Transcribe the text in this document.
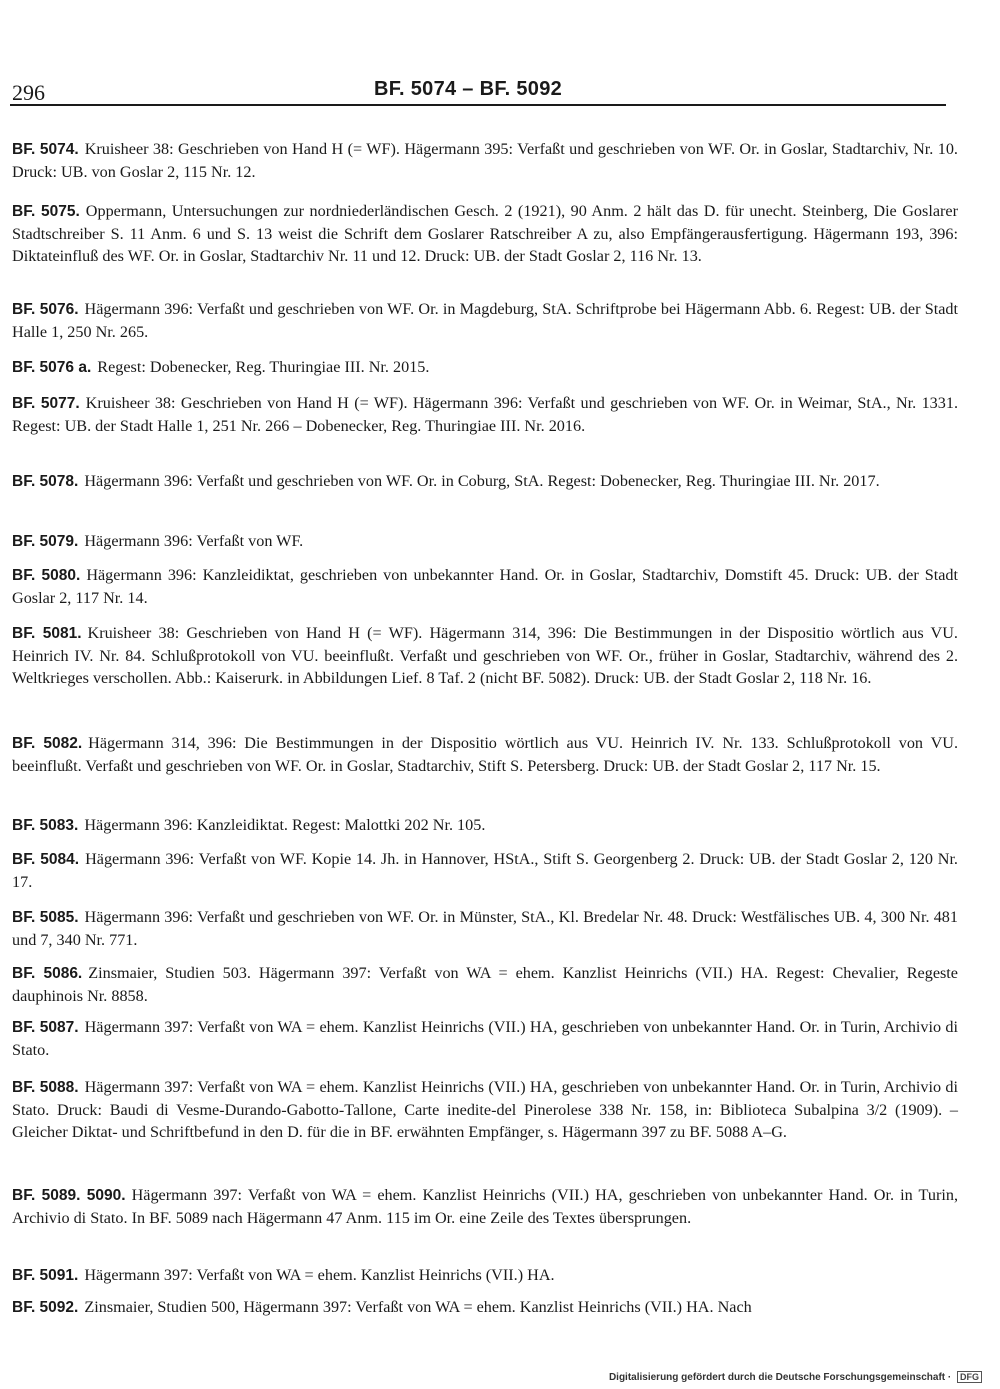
296	BF. 5074 – BF. 5092
BF. 5074. Kruisheer 38: Geschrieben von Hand H (= WF). Hägermann 395: Verfaßt und geschrieben von WF. Or. in Goslar, Stadtarchiv, Nr. 10. Druck: UB. von Goslar 2, 115 Nr. 12.
BF. 5075. Oppermann, Untersuchungen zur nordniederländischen Gesch. 2 (1921), 90 Anm. 2 hält das D. für unecht. Steinberg, Die Goslarer Stadtschreiber S. 11 Anm. 6 und S. 13 weist die Schrift dem Goslarer Ratschreiber A zu, also Empfängerausfertigung. Hägermann 193, 396: Diktateinfluß des WF. Or. in Goslar, Stadtarchiv Nr. 11 und 12. Druck: UB. der Stadt Goslar 2, 116 Nr. 13.
BF. 5076. Hägermann 396: Verfaßt und geschrieben von WF. Or. in Magdeburg, StA. Schriftprobe bei Hägermann Abb. 6. Regest: UB. der Stadt Halle 1, 250 Nr. 265.
BF. 5076 a. Regest: Dobenecker, Reg. Thuringiae III. Nr. 2015.
BF. 5077. Kruisheer 38: Geschrieben von Hand H (= WF). Hägermann 396: Verfaßt und geschrieben von WF. Or. in Weimar, StA., Nr. 1331. Regest: UB. der Stadt Halle 1, 251 Nr. 266 – Dobenecker, Reg. Thuringiae III. Nr. 2016.
BF. 5078. Hägermann 396: Verfaßt und geschrieben von WF. Or. in Coburg, StA. Regest: Dobenecker, Reg. Thuringiae III. Nr. 2017.
BF. 5079. Hägermann 396: Verfaßt von WF.
BF. 5080. Hägermann 396: Kanzleidiktat, geschrieben von unbekannter Hand. Or. in Goslar, Stadtarchiv, Domstift 45. Druck: UB. der Stadt Goslar 2, 117 Nr. 14.
BF. 5081. Kruisheer 38: Geschrieben von Hand H (= WF). Hägermann 314, 396: Die Bestimmungen in der Dispositio wörtlich aus VU. Heinrich IV. Nr. 84. Schlußprotokoll von VU. beeinflußt. Verfaßt und geschrieben von WF. Or., früher in Goslar, Stadtarchiv, während des 2. Weltkrieges verschollen. Abb.: Kaiserurk. in Abbildungen Lief. 8 Taf. 2 (nicht BF. 5082). Druck: UB. der Stadt Goslar 2, 118 Nr. 16.
BF. 5082. Hägermann 314, 396: Die Bestimmungen in der Dispositio wörtlich aus VU. Heinrich IV. Nr. 133. Schlußprotokoll von VU. beeinflußt. Verfaßt und geschrieben von WF. Or. in Goslar, Stadtarchiv, Stift S. Petersberg. Druck: UB. der Stadt Goslar 2, 117 Nr. 15.
BF. 5083. Hägermann 396: Kanzleidiktat. Regest: Malottki 202 Nr. 105.
BF. 5084. Hägermann 396: Verfaßt von WF. Kopie 14. Jh. in Hannover, HStA., Stift S. Georgenberg 2. Druck: UB. der Stadt Goslar 2, 120 Nr. 17.
BF. 5085. Hägermann 396: Verfaßt und geschrieben von WF. Or. in Münster, StA., Kl. Bredelar Nr. 48. Druck: Westfälisches UB. 4, 300 Nr. 481 und 7, 340 Nr. 771.
BF. 5086. Zinsmaier, Studien 503. Hägermann 397: Verfaßt von WA = ehem. Kanzlist Heinrichs (VII.) HA. Regest: Chevalier, Regeste dauphinois Nr. 8858.
BF. 5087. Hägermann 397: Verfaßt von WA = ehem. Kanzlist Heinrichs (VII.) HA, geschrieben von unbekannter Hand. Or. in Turin, Archivio di Stato.
BF. 5088. Hägermann 397: Verfaßt von WA = ehem. Kanzlist Heinrichs (VII.) HA, geschrieben von unbekannter Hand. Or. in Turin, Archivio di Stato. Druck: Baudi di Vesme-Durando-Gabotto-Tallone, Carte inedite-del Pinerolese 338 Nr. 158, in: Biblioteca Subalpina 3/2 (1909). – Gleicher Diktat- und Schriftbefund in den D. für die in BF. erwähnten Empfänger, s. Hägermann 397 zu BF. 5088 A–G.
BF. 5089. 5090. Hägermann 397: Verfaßt von WA = ehem. Kanzlist Heinrichs (VII.) HA, geschrieben von unbekannter Hand. Or. in Turin, Archivio di Stato. In BF. 5089 nach Hägermann 47 Anm. 115 im Or. eine Zeile des Textes übersprungen.
BF. 5091. Hägermann 397: Verfaßt von WA = ehem. Kanzlist Heinrichs (VII.) HA.
BF. 5092. Zinsmaier, Studien 500, Hägermann 397: Verfaßt von WA = ehem. Kanzlist Heinrichs (VII.) HA. Nach
Digitalisierung gefördert durch die Deutsche Forschungsgemeinschaft · DFG
